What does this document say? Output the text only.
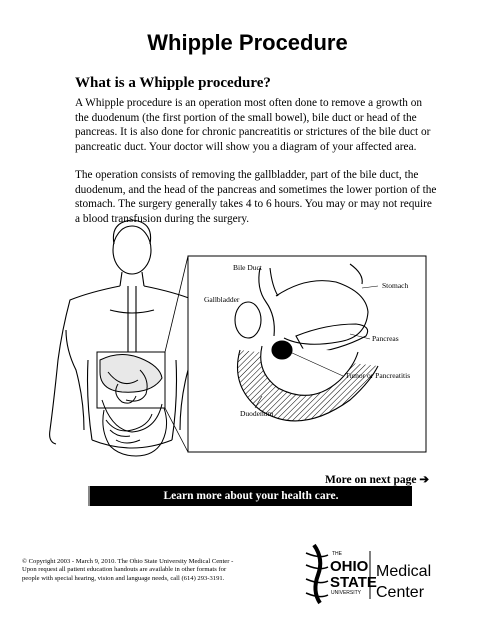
Whipple Procedure
What is a Whipple procedure?
A Whipple procedure is an operation most often done to remove a growth on the duodenum (the first portion of the small bowel), bile duct or head of the pancreas. It is also done for chronic pancreatitis or strictures of the bile duct or pancreatic duct. Your doctor will show you a diagram of your affected area.
The operation consists of removing the gallbladder, part of the bile duct, the duodenum, and the head of the pancreas and sometimes the lower portion of the stomach. The surgery generally takes 4 to 6 hours. You may or may not require a blood transfusion during the surgery.
Bile Duct
Gallbladder
Stomach
Pancreas
Tumor or Pancreatitis
Duodenum
More on next page ➔
Learn more about your health care.
© Copyright 2003 - March 9, 2010. The Ohio State University Medical Center - Upon request all patient education handouts are available in other formats for people with special hearing, vision and language needs, call (614) 293-3191.
THE
OHIO
STATE
UNIVERSITY
Medical
Center
